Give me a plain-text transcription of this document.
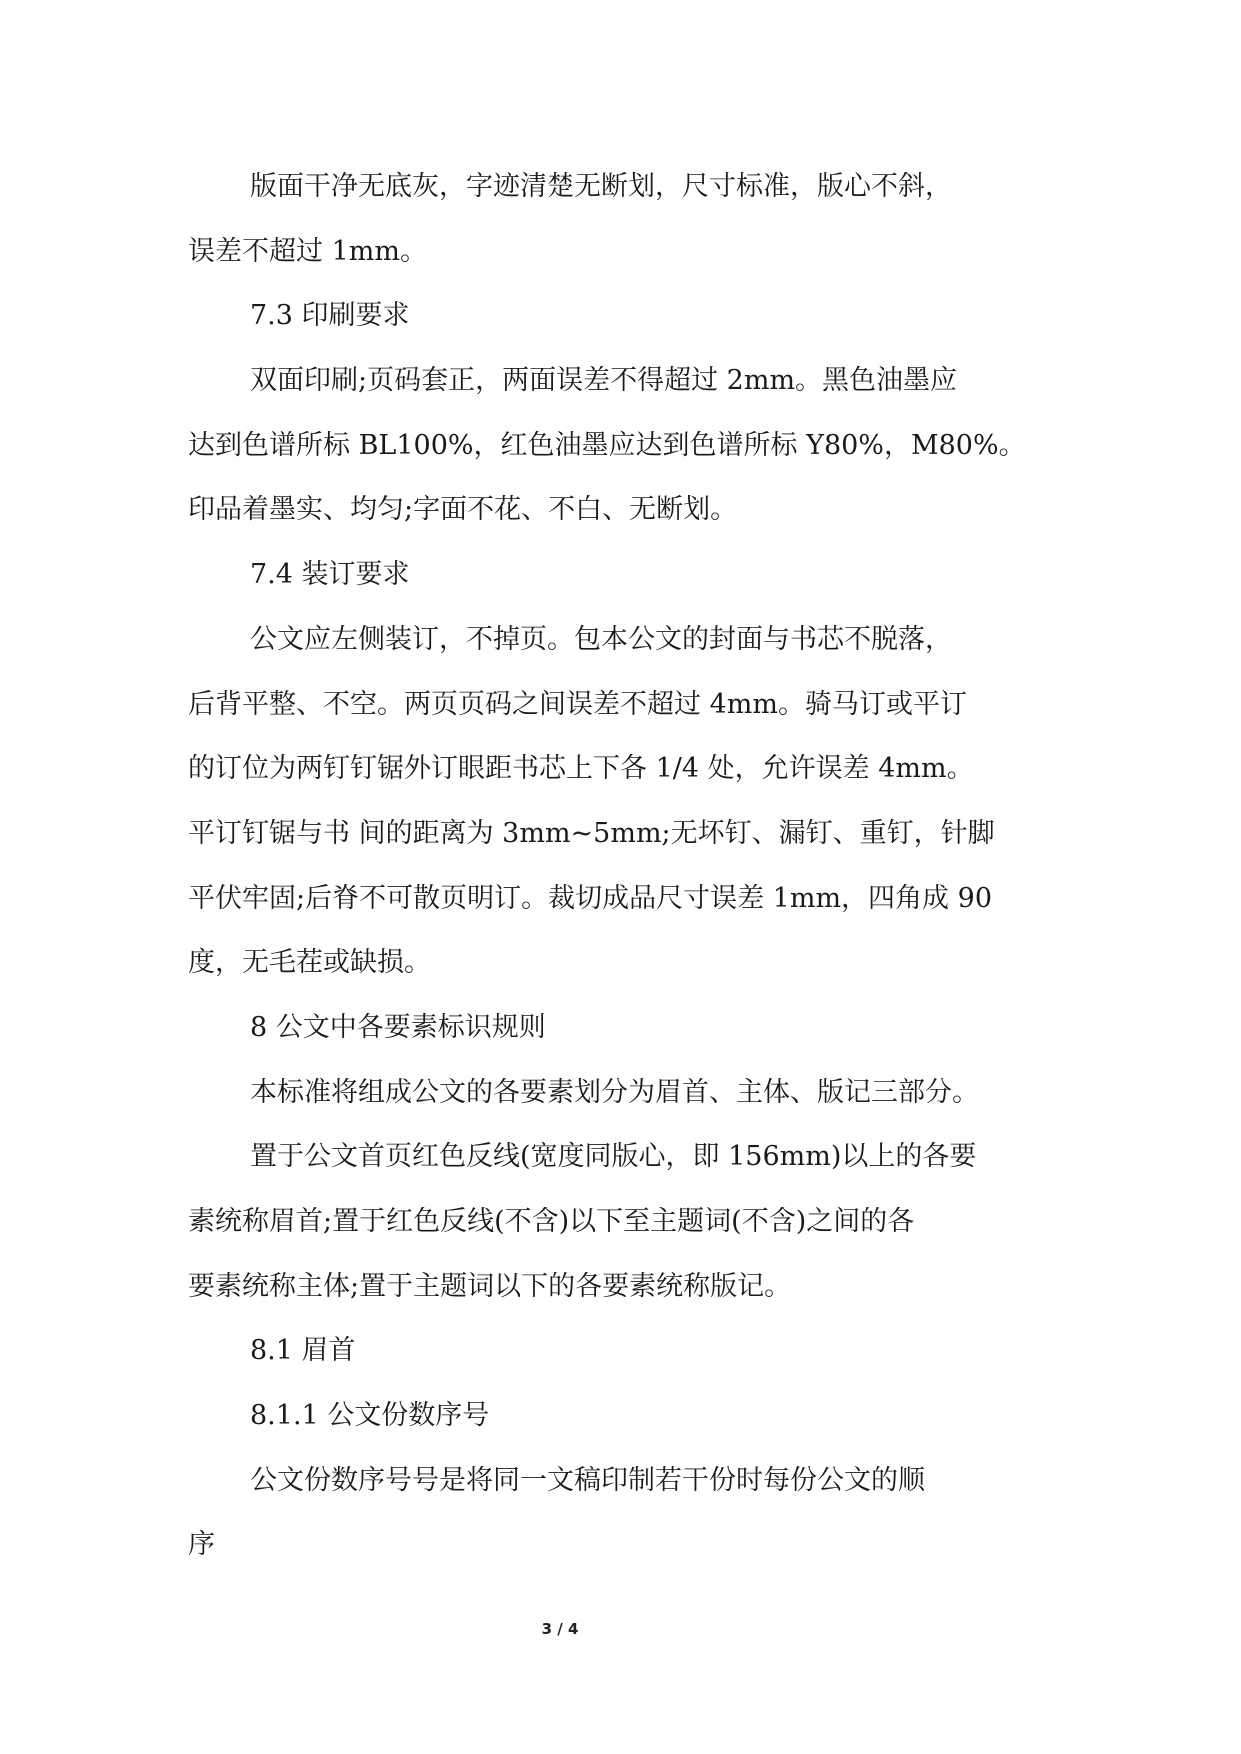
版面干净无底灰，字迹清楚无断划，尺寸标准，版心不斜，
误差不超过 1mm。
7.3 印刷要求
双面印刷;页码套正，两面误差不得超过 2mm。黑色油墨应
达到色谱所标 BL100%，红色油墨应达到色谱所标 Y80%，M80%。
印品着墨实、均匀;字面不花、不白、无断划。
7.4 装订要求
公文应左侧装订，不掉页。包本公文的封面与书芯不脱落，
后背平整、不空。两页页码之间误差不超过 4mm。骑马订或平订
的订位为两钉钉锯外订眼距书芯上下各 1/4 处，允许误差 4mm。
平订钉锯与书 间的距离为 3mm~5mm;无坏钉、漏钉、重钉，针脚
平伏牢固;后脊不可散页明订。裁切成品尺寸误差 1mm，四角成 90
度，无毛茬或缺损。
8 公文中各要素标识规则
本标准将组成公文的各要素划分为眉首、主体、版记三部分。
置于公文首页红色反线(宽度同版心，即 156mm)以上的各要
素统称眉首;置于红色反线(不含)以下至主题词(不含)之间的各
要素统称主体;置于主题词以下的各要素统称版记。
8.1 眉首
8.1.1 公文份数序号
公文份数序号号是将同一文稿印制若干份时每份公文的顺
序
3 / 4
